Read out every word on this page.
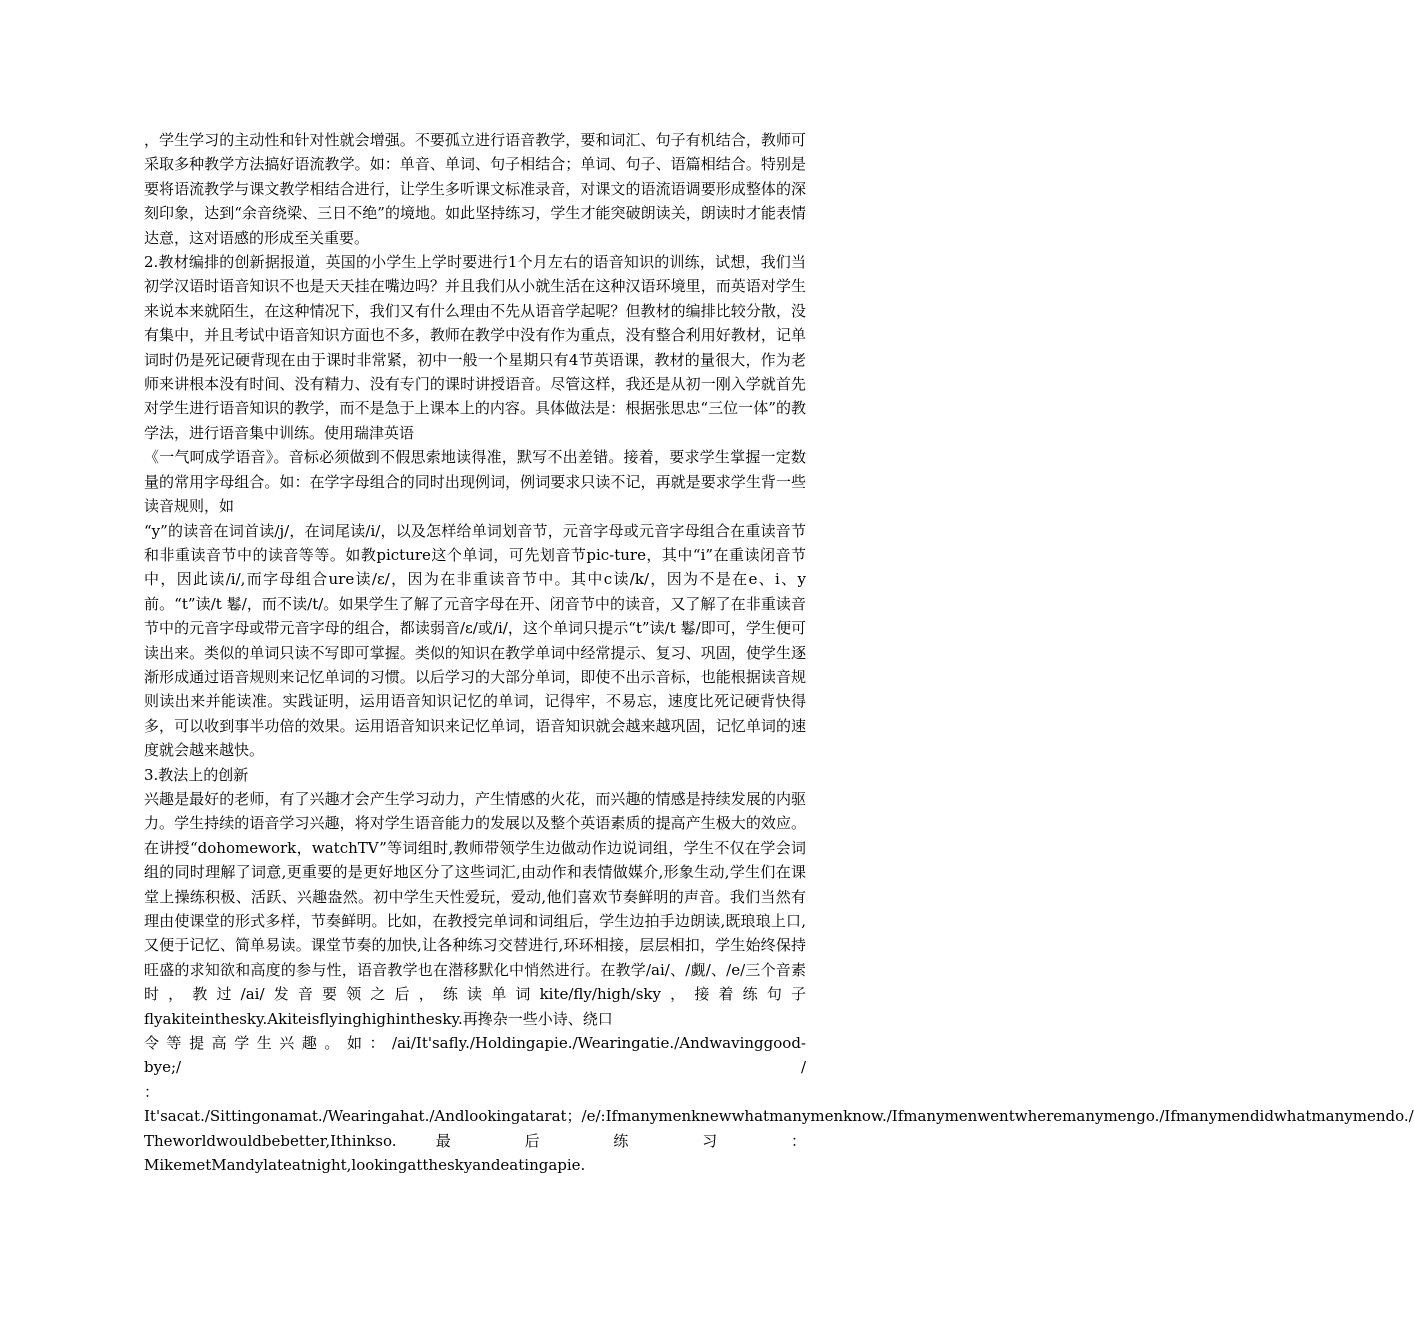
，学生学习的主动性和针对性就会增强。不要孤立进行语音教学，要和词汇、句子有机结合，教师可采取多种教学方法搞好语流教学。如：单音、单词、句子相结合；单词、句子、语篇相结合。特别是要将语流教学与课文教学相结合进行，让学生多听课文标准录音，对课文的语流语调要形成整体的深刻印象，达到“余音绕梁、三日不绝”的境地。如此坚持练习，学生才能突破朗读关，朗读时才能表情达意，这对语感的形成至关重要。

2.教材编排的创新据报道，英国的小学生上学时要进行1个月左右的语音知识的训练，试想，我们当初学汉语时语音知识不也是天天挂在嘴边吗？并且我们从小就生活在这种汉语环境里，而英语对学生来说本来就陌生，在这种情况下，我们又有什么理由不先从语音学起呢？但教材的编排比较分散，没有集中，并且考试中语音知识方面也不多，教师在教学中没有作为重点，没有整合利用好教材，记单词时仍是死记硬背现在由于课时非常紧，初中一般一个星期只有4节英语课，教材的量很大，作为老师来讲根本没有时间、没有精力、没有专门的课时讲授语音。尽管这样，我还是从初一刚入学就首先对学生进行语音知识的教学，而不是急于上课本上的内容。具体做法是：根据张思忠“三位一体”的教学法，进行语音集中训练。使用瑞津英语

《一气呵成学语音》。音标必须做到不假思索地读得准，默写不出差错。接着，要求学生掌握一定数量的常用字母组合。如：在学字母组合的同时出现例词，例词要求只读不记，再就是要求学生背一些读音规则，如

“y”的读音在词首读/j/，在词尾读/i/，以及怎样给单词划音节，元音字母或元音字母组合在重读音节和非重读音节中的读音等等。如教picture这个单词，可先划音节pic-ture，其中“i”在重读闭音节中，因此读/i/,而字母组合ure读/ε/，因为在非重读音节中。其中c读/k/，因为不是在e、i、y前。“t”读/t 鬈/，而不读/t/。如果学生了解了元音字母在开、闭音节中的读音，又了解了在非重读音节中的元音字母或带元音字母的组合，都读弱音/ε/或/i/，这个单词只提示“t”读/t 鬈/即可，学生便可读出来。类似的单词只读不写即可掌握。类似的知识在教学单词中经常提示、复习、巩固，使学生逐渐形成通过语音规则来记忆单词的习惯。以后学习的大部分单词，即使不出示音标，也能根据读音规则读出来并能读准。实践证明，运用语音知识记忆的单词，记得牢，不易忘，速度比死记硬背快得多，可以收到事半功倍的效果。运用语音知识来记忆单词，语音知识就会越来越巩固，记忆单词的速度就会越来越快。

3.教法上的创新

兴趣是最好的老师，有了兴趣才会产生学习动力，产生情感的火花，而兴趣的情感是持续发展的内驱力。学生持续的语音学习兴趣，将对学生语音能力的发展以及整个英语素质的提高产生极大的效应。在讲授“dohomework，watchTV”等词组时,教师带领学生边做动作边说词组，学生不仅在学会词组的同时理解了词意,更重要的是更好地区分了这些词汇,由动作和表情做媒介,形象生动,学生们在课堂上操练积极、活跃、兴趣盎然。初中学生天性爱玩，爱动,他们喜欢节奏鲜明的声音。我们当然有理由使课堂的形式多样，节奏鲜明。比如，在教授完单词和词组后，学生边拍手边朗读,既琅琅上口,又便于记忆、简单易读。课堂节奏的加快,让各种练习交替进行,环环相接，层层相扣，学生始终保持旺盛的求知欲和高度的参与性，语音教学也在潜移默化中悄然进行。在教学/ai/、/觑/、/e/三个音素时，教过/ai/发音要领之后，练读单词kite/fly/high/sky，接着练句子flyakiteinthesky.Akiteisflyinghighinthesky.再搀杂一些小诗、绕口

令等提高学生兴趣。如：/ai/It'safly./Holdingapie./Wearingatie./Andwavinggood-

bye;/ /

：It'sacat./Sittingonamat./Wearingahat./Andlookingatarat；/e/:Ifmanymenknewwhatmanymenknow./Ifmanymenwentwheremanymengo./Ifmanymendidwhatmanymendo./

Theworldwouldbebetter,Ithinkso. 最 后 练 习 ：

MikemetMandylateatnight,lookingattheskyandeatingapie.
